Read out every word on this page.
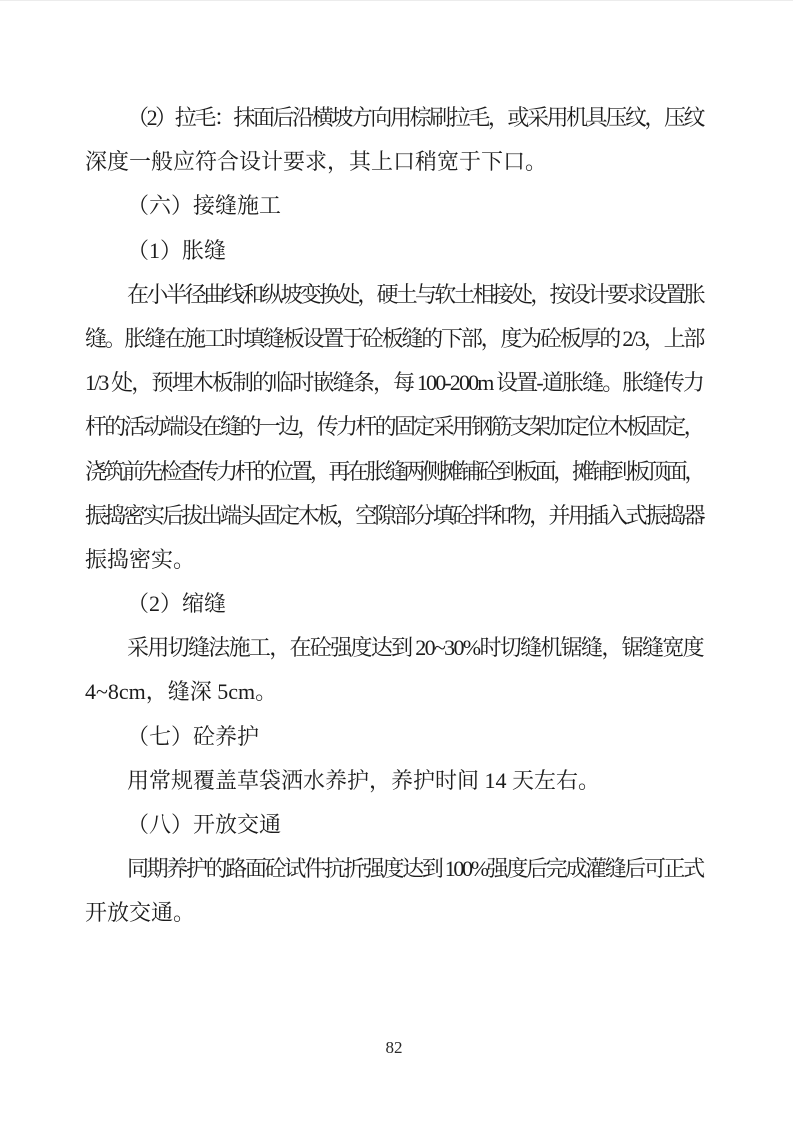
（2）拉毛：抹面后沿横坡方向用棕刷拉毛，或采用机具压纹，压纹
深度一般应符合设计要求，其上口稍宽于下口。
（六）接缝施工
（1）胀缝
在小半径曲线和纵坡变换处，硬土与软土相接处，按设计要求设置胀
缝。胀缝在施工时填缝板设置于砼板缝的下部，度为砼板厚的 2/3，上部
1/3 处，预埋木板制的临时嵌缝条，每 100-200m 设置-道胀缝。胀缝传力
杆的活动端设在缝的一边，传力杆的固定采用钢筋支架加定位木板固定，
浇筑前先检查传力杆的位置，再在胀缝两侧摊铺砼到板面，摊铺到板顶面，
振捣密实后拔出端头固定木板，空隙部分填砼拌和物，并用插入式振捣器
振捣密实。
（2）缩缝
采用切缝法施工，在砼强度达到 20~30%时切缝机锯缝，锯缝宽度
4~8cm，缝深 5cm。
（七）砼养护
用常规覆盖草袋洒水养护，养护时间 14 天左右。
（八）开放交通
同期养护的路面砼试件抗折强度达到 100%强度后完成灌缝后可正式
开放交通。
82
